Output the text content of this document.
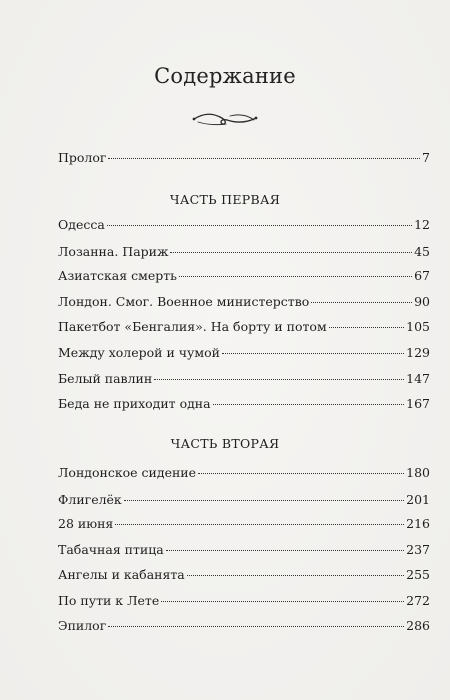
Содержание
Пролог	7
ЧАСТЬ ПЕРВАЯ
Одесса	12
Лозанна. Париж	45
Азиатская смерть	67
Лондон. Смог. Военное министерство	90
Пакетбот «Бенгалия». На борту и потом	105
Между холерой и чумой	129
Белый павлин	147
Беда не приходит одна	167
ЧАСТЬ ВТОРАЯ
Лондонское сидение	180
Флигелёк	201
28 июня	216
Табачная птица	237
Ангелы и кабанята	255
По пути к Лете	272
Эпилог	286
